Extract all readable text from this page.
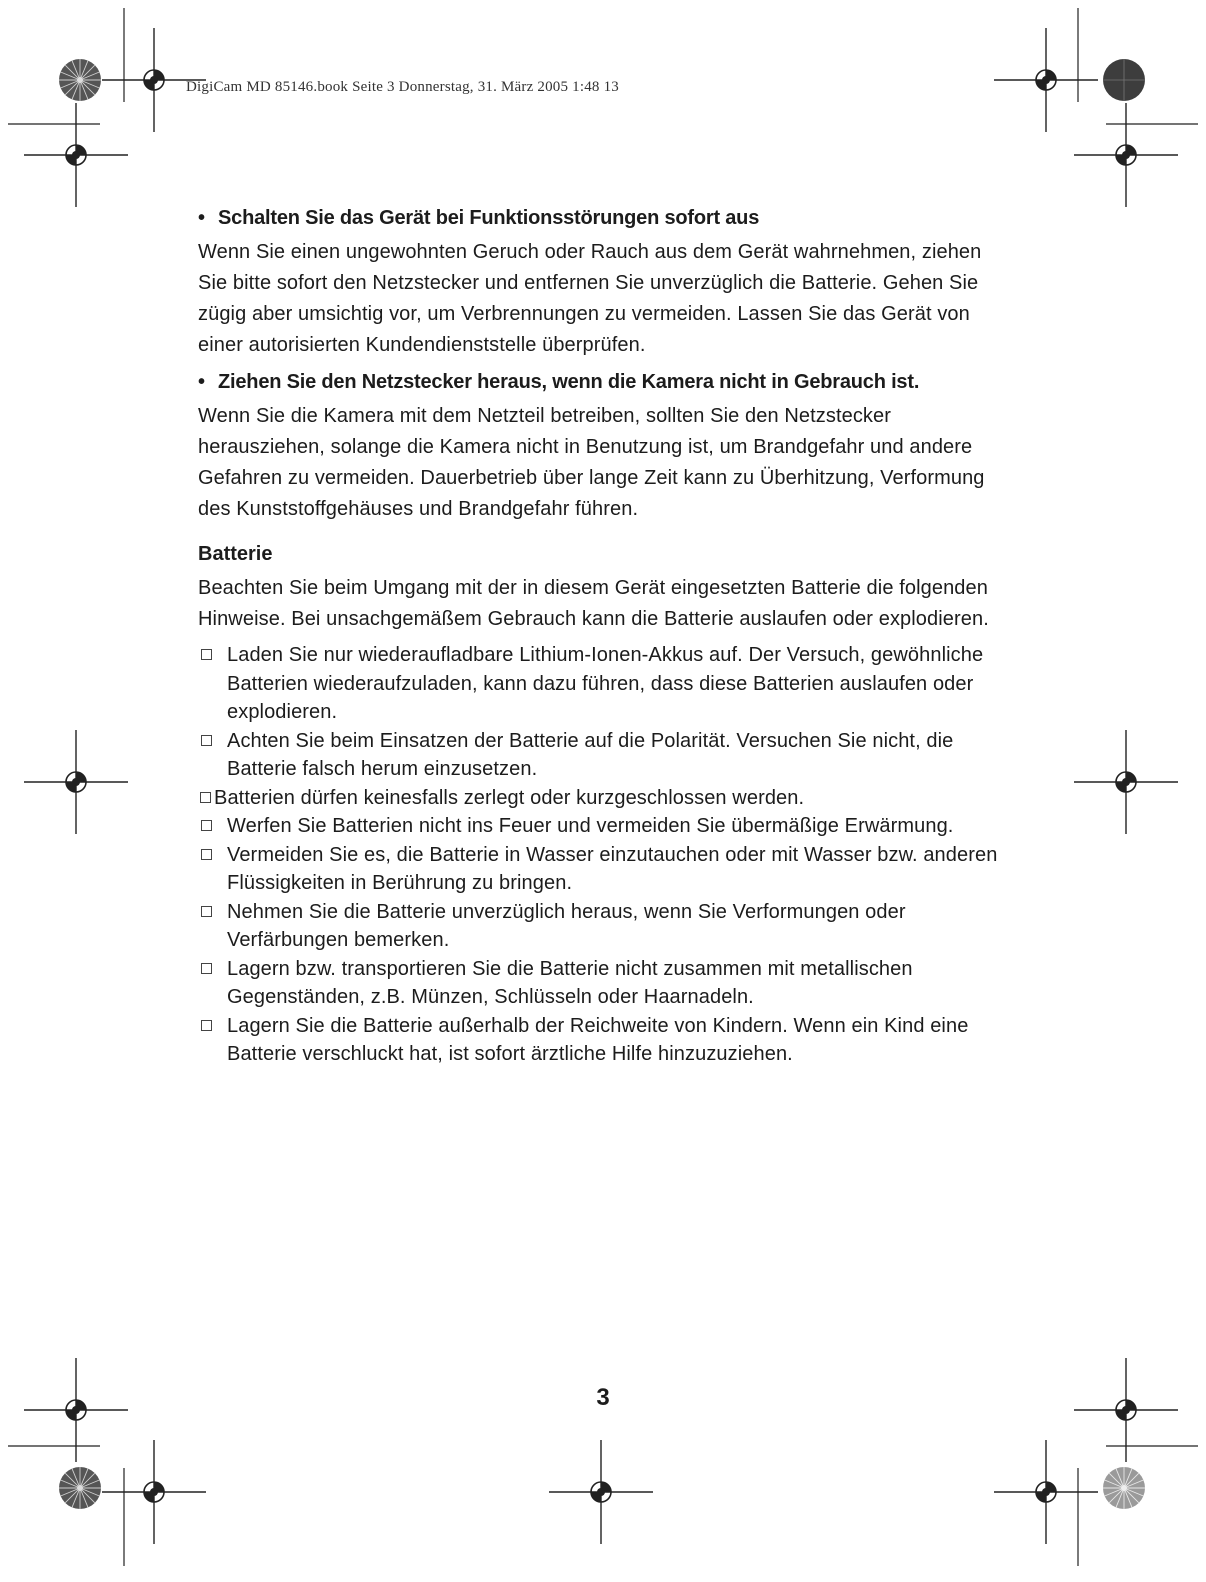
DigiCam MD 85146.book Seite 3 Donnerstag, 31. März 2005 1:48 13
• Schalten Sie das Gerät bei Funktionsstörungen sofort aus

Wenn Sie einen ungewohnten Geruch oder Rauch aus dem Gerät wahrnehmen, ziehen Sie bitte sofort den Netzstecker und entfernen Sie unverzüglich die Batterie. Gehen Sie zügig aber umsichtig vor, um Verbrennungen zu vermeiden. Lassen Sie das Gerät von einer autorisierten Kundendienststelle überprüfen.

• Ziehen Sie den Netzstecker heraus, wenn die Kamera nicht in Gebrauch ist.

Wenn Sie die Kamera mit dem Netzteil betreiben, sollten Sie den Netzstecker herausziehen, solange die Kamera nicht in Benutzung ist, um Brandgefahr und andere Gefahren zu vermeiden. Dauerbetrieb über lange Zeit kann zu Überhitzung, Verformung des Kunststoffgehäuses und Brandgefahr führen.

Batterie

Beachten Sie beim Umgang mit der in diesem Gerät eingesetzten Batterie die folgenden Hinweise. Bei unsachgemäßem Gebrauch kann die Batterie auslaufen oder explodieren.

Laden Sie nur wiederaufladbare Lithium-Ionen-Akkus auf. Der Versuch, gewöhnliche Batterien wiederaufzuladen, kann dazu führen, dass diese Batterien auslaufen oder explodieren.
Achten Sie beim Einsatzen der Batterie auf die Polarität. Versuchen Sie nicht, die Batterie falsch herum einzusetzen.
Batterien dürfen keinesfalls zerlegt oder kurzgeschlossen werden.
Werfen Sie Batterien nicht ins Feuer und vermeiden Sie übermäßige Erwärmung.
Vermeiden Sie es, die Batterie in Wasser einzutauchen oder mit Wasser bzw. anderen Flüssigkeiten in Berührung zu bringen.
Nehmen Sie die Batterie unverzüglich heraus, wenn Sie Verformungen oder Verfärbungen bemerken.
Lagern bzw. transportieren Sie die Batterie nicht zusammen mit metallischen Gegenständen, z.B. Münzen, Schlüsseln oder Haarnadeln.
Lagern Sie die Batterie außerhalb der Reichweite von Kindern. Wenn ein Kind eine Batterie verschluckt hat, ist sofort ärztliche Hilfe hinzuzuziehen.
3
